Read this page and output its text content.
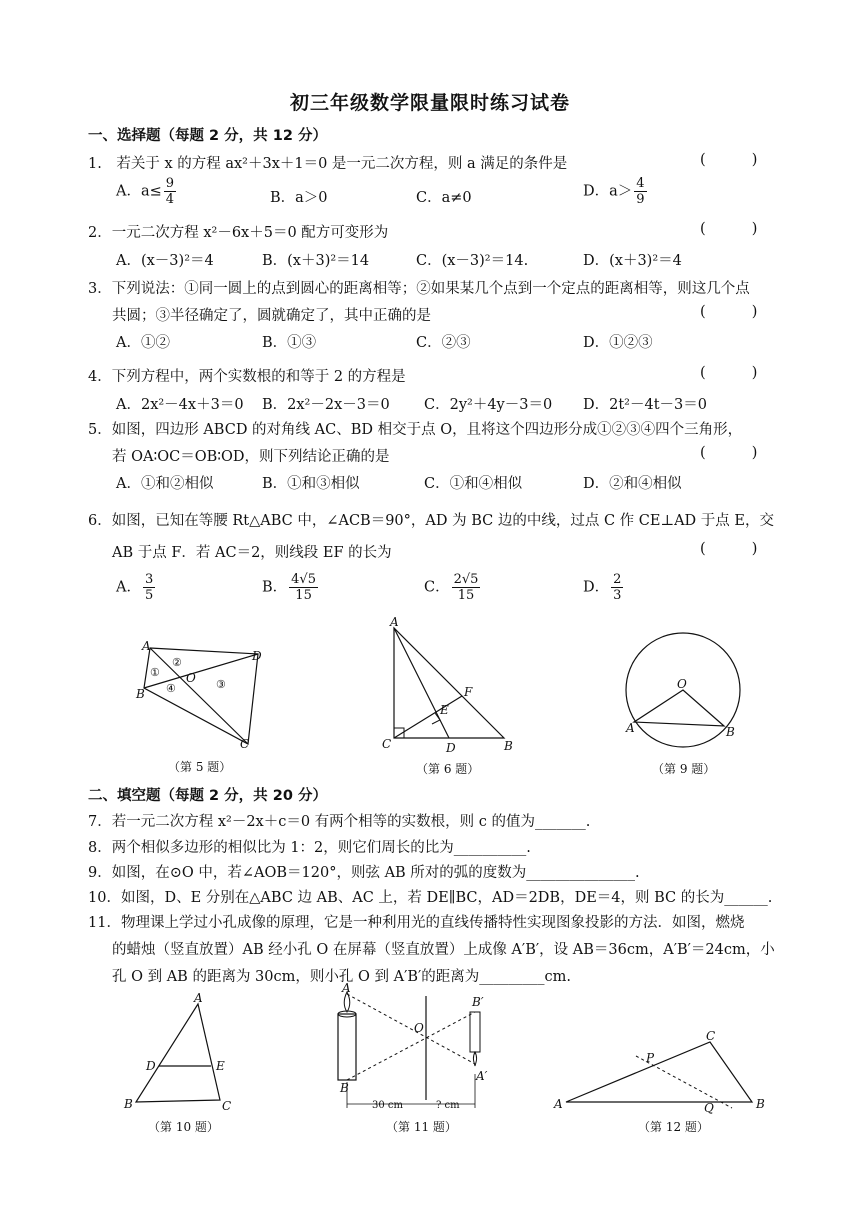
初三年级数学限量限时练习试卷
一、选择题（每题 2 分，共 12 分）
1.　若关于 x 的方程 ax²＋3x＋1＝0 是一元二次方程，则 a 满足的条件是	(          )
A．$a\le \frac{9}{4}$	B．a＞0	C．a≠0	D．$a> \frac{4}{9}$
2．一元二次方程 x²－6x＋5＝0 配方可变形为	(          )
A．(x－3)²＝4	B．(x＋3)²＝14	C．(x－3)²＝14.	D．(x＋3)²＝4
3．下列说法：①同一圆上的点到圆心的距离相等；②如果某几个点到一个定点的距离相等，则这几个点
共圆；③半径确定了，圆就确定了，其中正确的是	(          )
A．①②	B．①③	C．②③	D．①②③
4．下列方程中，两个实数根的和等于 2 的方程是	(          )
A．2x²－4x＋3＝0 B．2x²－2x－3＝0 C．2y²＋4y－3＝0 D．2t²－4t－3＝0
5．如图，四边形 ABCD 的对角线 AC、BD 相交于点 O，且将这个四边形分成①②③④四个三角形，
若 OA∶OC＝OB∶OD，则下列结论正确的是	(          )
A．①和②相似	B．①和③相似	C．①和④相似	D．②和④相似
6．如图，已知在等腰 Rt△ABC 中，∠ACB＝90°，AD 为 BC 边的中线，过点 C 作 CE⊥AD 于点 E，交
AB 于点 F．若 AC＝2，则线段 EF 的长为	(          )
A． $\frac{3}{5}$	B． $\frac{4√5}{15}$	C． $\frac{2√5}{15}$	D． $\frac{2}{3}$
A
D
B
C
O
①
②
③
④
（第 5 题）
A
C	D	B
F
E
（第 6 题）
O
A	B
（第 9 题）
二、填空题（每题 2 分，共 20 分）
7．若一元二次方程 x²－2x＋c＝0 有两个相等的实数根，则 c 的值为_______.
8．两个相似多边形的相似比为 1：2，则它们周长的比为__________.
9．如图，在⊙O 中，若∠AOB＝120°，则弦 AB 所对的弧的度数为_______________.
10．如图，D、E 分别在△ABC 边 AB、AC 上，若 DE∥BC，AD＝2DB，DE＝4，则 BC 的长为______.
11．物理课上学过小孔成像的原理，它是一种利用光的直线传播特性实现图象投影的方法．如图，燃烧
的蜡烛（竖直放置）AB 经小孔 O 在屏幕（竖直放置）上成像 A′B′，设 AB＝36cm，A′B′＝24cm，小
孔 O 到 AB 的距离为 30cm，则小孔 O 到 A′B′的距离为_________cm.
A
D	E
B	C
（第 10 题）
A
B
O
B′
A′
30 cm	? cm
（第 11 题）
A
C
B
P
Q
（第 12 题）
